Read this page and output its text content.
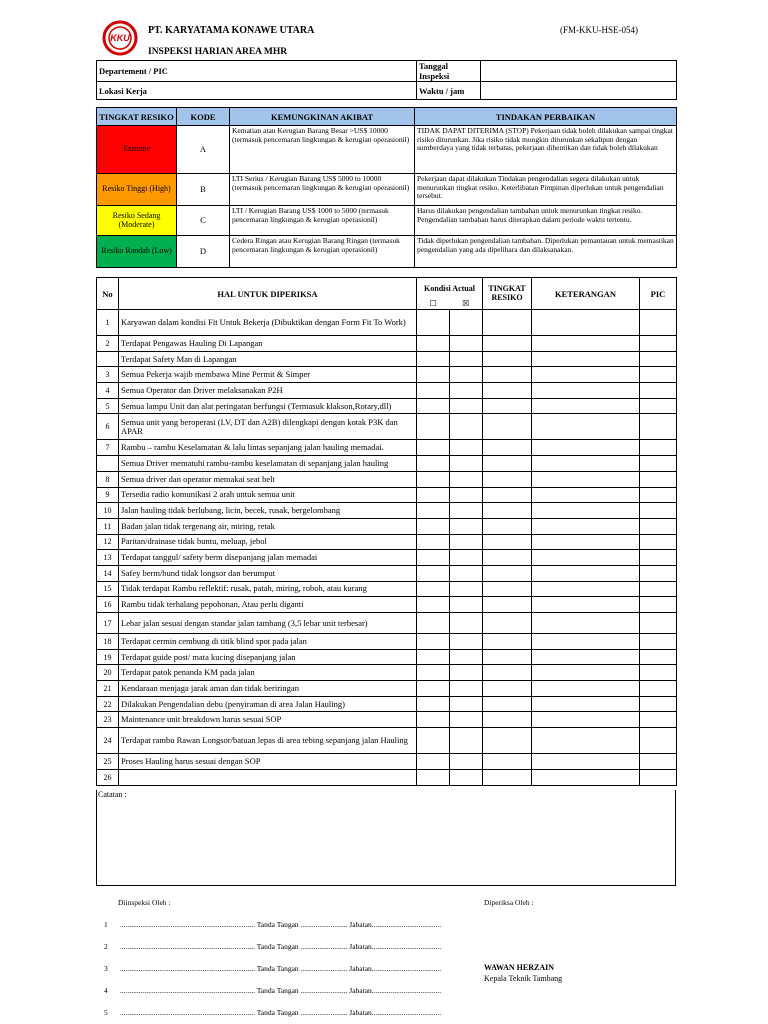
KKU
PT. KARYATAMA KONAWE UTARA	(FM-KKU-HSE-054)
INSPEKSI HARIAN AREA MHR
Departement / PIC	Tanggal Inspeksi	
Lokasi Kerja	Waktu / jam	
TINGKAT RESIKO	KODE	KEMUNGKINAN AKIBAT	TINDAKAN PERBAIKAN
Extreme	A	Kematian atau Kerugian Barang Besar >US$ 10000 (termasuk pencemaran lingkungan & kerugian operasionil)	TIDAK DAPAT DITERIMA (STOP) Pekerjaan tidak boleh dilakukan sampai tingkat risiko diturunkan. Jika risiko tidak mungkin diturunkan sekalipun dengan sumberdaya yang tidak terbatas, pekerjaan dihentikan dan tidak boleh dilakukan
Resiko Tinggi (High)	B	LTI Serius / Kerugian Barang US$ 5000 to 10000 (termasuk pencemaran lingkungan & kerugian operasionil)	Pekerjaan dapat dilakukan Tindakan pengendalian segera dilakukan untuk menurunkan tingkat resiko. Keterlibatan Pimpinan diperlukan untuk pengendalian tersebut.
Resiko Sedang (Moderate)	C	LTI / Kerugian Barang US$ 1000 to 5000 (termasuk pencemaran lingkungan & kerugian operasionil)	Harus dilakukan pengendalian tambahan untuk menurunkan tingkat resiko. Pengendalian tambahan harus diterapkan dalam periode waktu tertentu.
Resiko Randah (Low)	D	Cedera Ringan atau Kerugian Barang Ringan (termasuk pencemaran lingkungan & kerugian operasionil)	Tidak diperlukan pengendalian tambahan. Diperlukan pemantauan untuk memastikan pengendalian yang ada dipelihara dan dilaksanakan.
No	HAL UNTUK DIPERIKSA	Kondisi Actual		TINGKAT RESIKO	KETERANGAN	PIC
		☐	☒			
1	Karyawan dalam kondisi Fit Untuk Bekerja (Dibuktikan dengan Form Fit To Work)					
2	Terdapat Pengawas Hauling Di Lapangan					
	Terdapat Safety Man di Lapangan					
3	Semua Pekerja wajib membawa Mine Permit & Simper					
4	Semua Operator dan Driver melaksanakan P2H					
5	Semua lampu Unit dan alat peringatan berfungsi (Termasuk klakson,Rotary,dll)					
6	Semua unit yang beroperasi (LV, DT dan A2B) dilengkapi dengan kotak P3K dan APAR					
7	Rambu – rambu Keselamatan & lalu lintas sepanjang jalan hauling memadai.					
	Semua Driver mematuhi rambu-rambu keselamatan di sepanjang jalan hauling					
8	Semua driver dan operator memakai seat belt					
9	Tersedia radio komunikasi 2 arah untuk semua unit					
10	Jalan hauling tidak berlubang, licin, becek, rusak, bergelombang					
11	Badan jalan tidak tergenang air, miring, retak					
12	Paritan/drainase tidak buntu, meluap, jebol					
13	Terdapat tanggul/ safety berm disepanjang jalan memadai					
14	Safey berm/bund tidak longsor dan berumput					
15	Tidak terdapat Rambu reflektif: rusak, patah, miring, roboh, atau kurang					
16	Rambu tidak terhalang pepohonan, Atau perlu diganti					
17	Lebar jalan sesuai dengan standar jalan tambang (3,5 lebar unit terbesar)					
18	Terdapat cermin cembung di titik blind spot pada jalan					
19	Terdapat guide post/ mata kucing disepanjang jalan					
20	Terdapat patok penanda KM pada jalan					
21	Kendaraan menjaga jarak aman dan tidak beriringan					
22	Dilakukan Pengendalian debu (penyiraman di area Jalan Hauling)					
23	Maintenance unit breakdown harus sesuai SOP					
24	Terdapat rambu Rawan Longsor/batuan lepas di area tebing sepanjang jalan Hauling					
25	Proses Hauling harus sesuai dengan SOP					
26						
Catatan :
Diinspeksi Oleh :	Diperiksa Oleh :
1	........................................................................ Tanda Tangan ......................... Jabatan.....................................
2	........................................................................ Tanda Tangan ......................... Jabatan.....................................
3	........................................................................ Tanda Tangan ......................... Jabatan.....................................
4	........................................................................ Tanda Tangan ......................... Jabatan.....................................
5	........................................................................ Tanda Tangan ......................... Jabatan.....................................
WAWAN HERZAIN
Kepala Teknik Tambang
